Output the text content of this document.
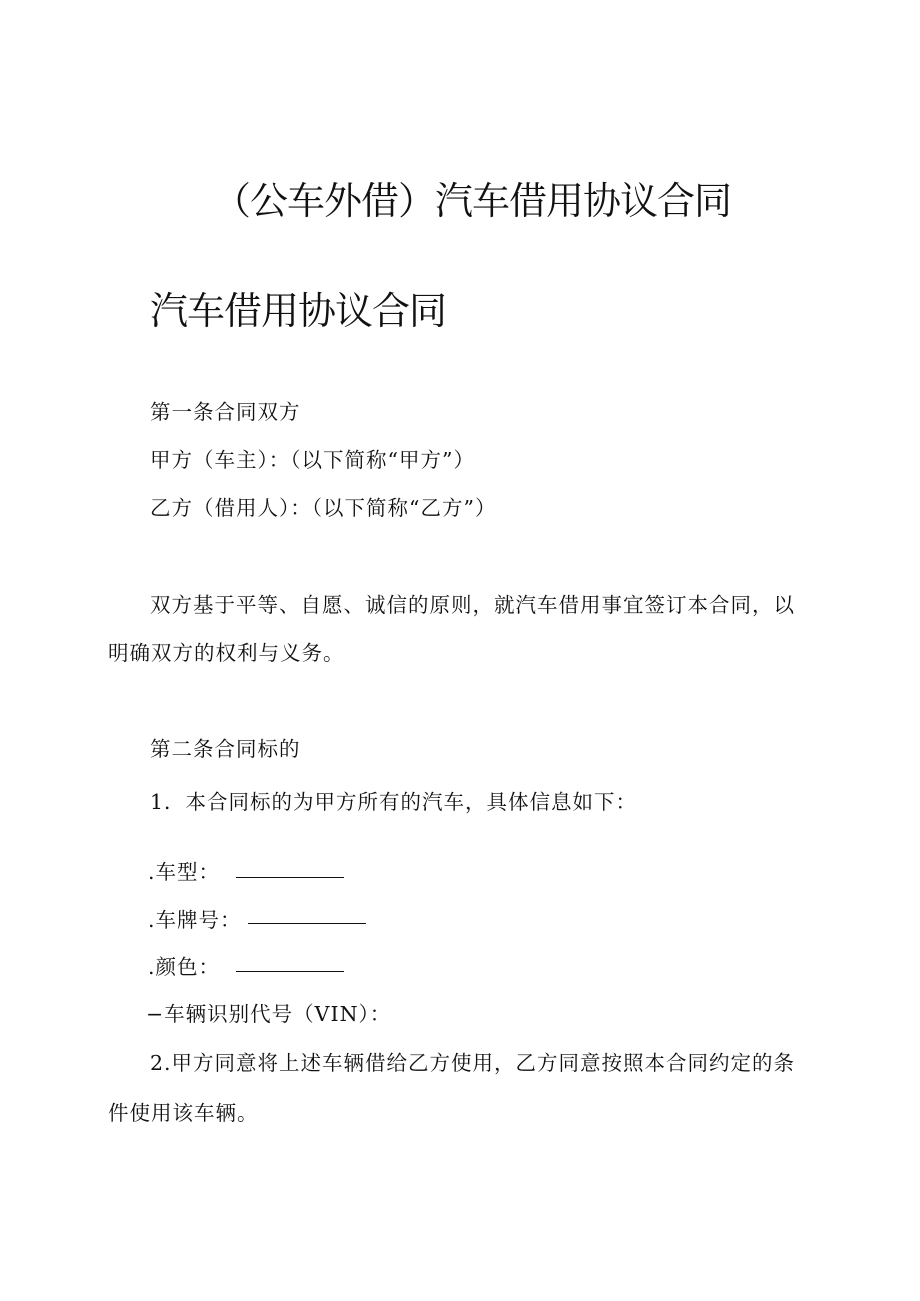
（公车外借）汽车借用协议合同
汽车借用协议合同
第一条合同双方
甲方（车主）：（以下简称“甲方”）
乙方（借用人）：（以下简称“乙方”）
双方基于平等、自愿、诚信的原则，就汽车借用事宜签订本合同，以
明确双方的权利与义务。
第二条合同标的
1．本合同标的为甲方所有的汽车，具体信息如下：
.车型：
.车牌号：
.颜色：
−车辆识别代号（VIN）：
2.甲方同意将上述车辆借给乙方使用，乙方同意按照本合同约定的条
件使用该车辆。
